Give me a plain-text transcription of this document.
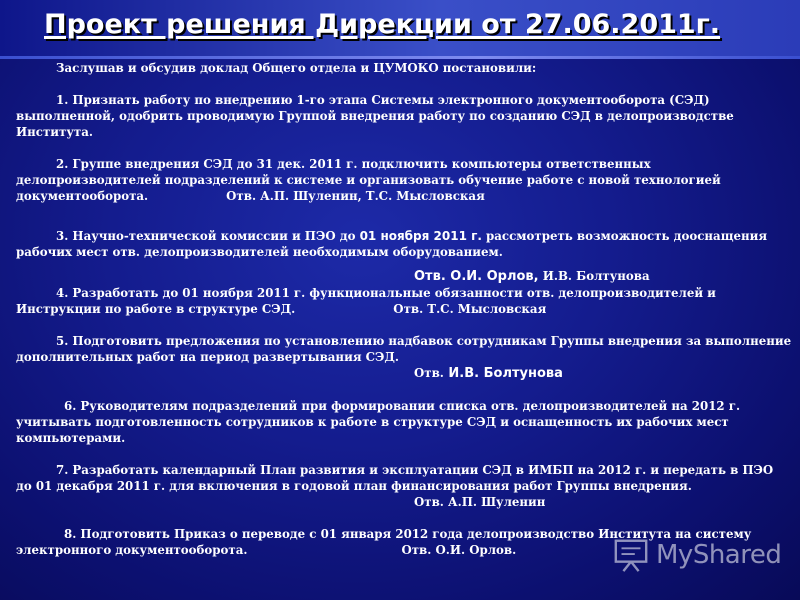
Проект решения Дирекции от 27.06.2011г.

Заслушав и обсудив доклад Общего отдела и ЦУМОКО постановили:

1. Признать работу по внедрению 1-го этапа Системы электронного документооборота (СЭД)

выполненной, одобрить проводимую Группой внедрения работу по созданию СЭД в делопроизводстве

Института.

2. Группе внедрения СЭД до 31 дек. 2011 г. подключить компьютеры ответственных

делопроизводителей подразделений к системе и организовать обучение работе с новой технологией

документооборота.	Отв. А.П. Шуленин, Т.С. Мысловская

3. Научно-технической комиссии и ПЭО до 01 ноября 2011 г. рассмотреть возможность дооснащения

рабочих мест отв. делопроизводителей необходимым оборудованием.

Отв. О.И. Орлов, И.В. Болтунова

4. Разработать до 01 ноября 2011 г. функциональные обязанности отв. делопроизводителей и

Инструкции по работе в структуре СЭД.	Отв. Т.С. Мысловская

5. Подготовить предложения по установлению надбавок сотрудникам Группы внедрения за выполнение

дополнительных работ на период развертывания СЭД.

Отв. И.В. Болтунова

6. Руководителям подразделений при формировании списка отв. делопроизводителей на 2012 г.

учитывать подготовленность сотрудников к работе в структуре СЭД и оснащенность их рабочих мест

компьютерами.

7. Разработать календарный План развития и эксплуатации СЭД в ИМБП на 2012 г. и передать в ПЭО

до 01 декабря 2011 г. для включения в годовой план финансирования работ Группы внедрения.

Отв. А.П. Шуленин

8. Подготовить Приказ о переводе с 01 января 2012 года делопроизводство Института на систему

электронного документооборота.	Отв. О.И. Орлов.	MyShared
